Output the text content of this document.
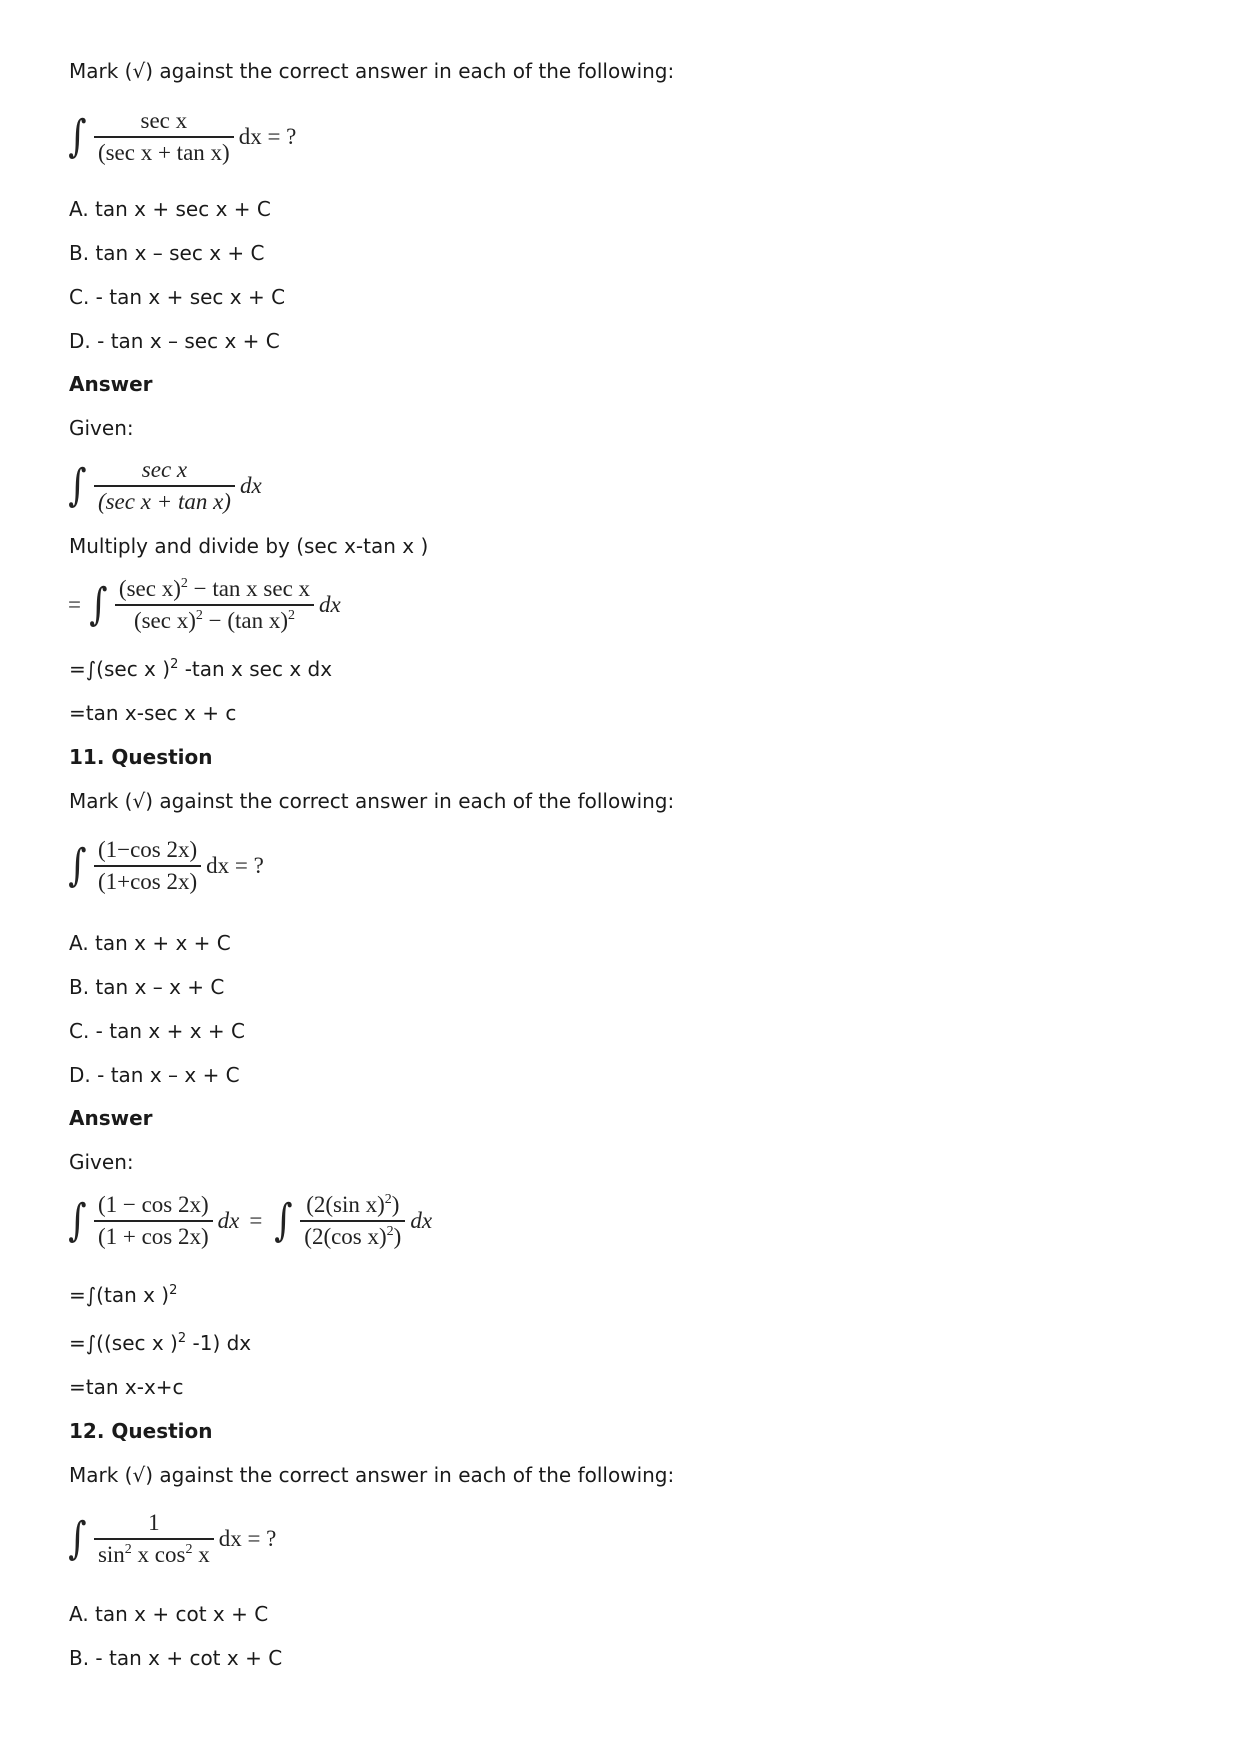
Mark (√) against the correct answer in each of the following:
∫ $\frac{\text{sec x}}{\text{(sec x + tan x)}}$ dx = ?
A. tan x + sec x + C
B. tan x – sec x + C
C. - tan x + sec x + C
D. - tan x – sec x + C
Answer
Given:
∫ $\frac{\text{sec x}}{\text{(sec x + tan x)}}$ dx
Multiply and divide by (sec x-tan x )
= ∫ $\frac{(\sec x)^2 - \tan x \sec x}{(\sec x)^2 - (\tan x)^2}$ dx
=∫(sec x )$^2$ -tan x sec x dx
=tan x-sec x + c
11. Question
Mark (√) against the correct answer in each of the following:
∫ $\frac{(1-\cos 2x)}{(1+\cos 2x)}$ dx = ?
A. tan x + x + C
B. tan x – x + C
C. - tan x + x + C
D. - tan x – x + C
Answer
Given:
∫ $\frac{(1 - \cos 2x)}{(1 + \cos 2x)}$ dx = ∫ $\frac{(2(\sin x)^2)}{(2(\cos x)^2)}$ dx
=∫(tan x )$^2$
=∫((sec x )$^2$ -1) dx
=tan x-x+c
12. Question
Mark (√) against the correct answer in each of the following:
∫ $\frac{1}{\sin^2 x \cos^2 x}$ dx = ?
A. tan x + cot x + C
B. - tan x + cot x + C
